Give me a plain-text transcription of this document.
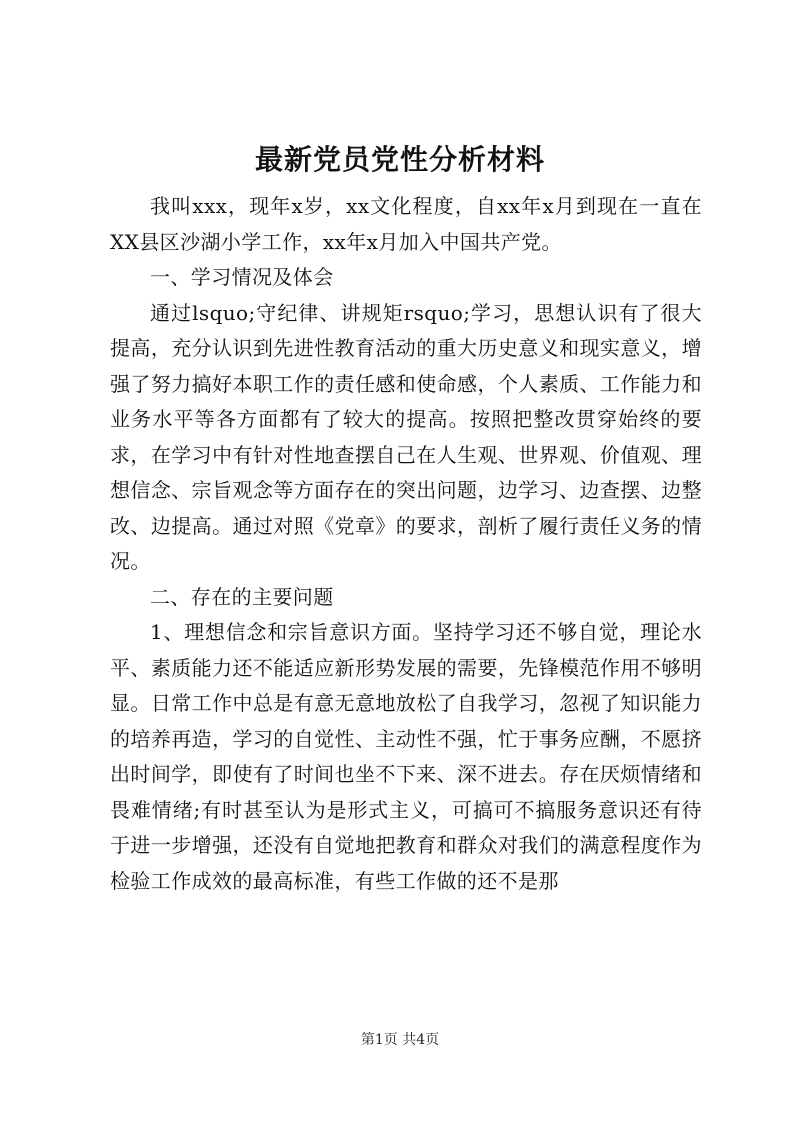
最新党员党性分析材料

我叫xxx，现年x岁，xx文化程度，自xx年x月到现在一直在XX县区沙湖小学工作，xx年x月加入中国共产党。

一、学习情况及体会

通过lsquo;守纪律、讲规矩rsquo;学习，思想认识有了很大提高，充分认识到先进性教育活动的重大历史意义和现实意义，增强了努力搞好本职工作的责任感和使命感，个人素质、工作能力和业务水平等各方面都有了较大的提高。按照把整改贯穿始终的要求，在学习中有针对性地查摆自己在人生观、世界观、价值观、理想信念、宗旨观念等方面存在的突出问题，边学习、边查摆、边整改、边提高。通过对照《党章》的要求，剖析了履行责任义务的情况。

二、存在的主要问题

1、理想信念和宗旨意识方面。坚持学习还不够自觉，理论水平、素质能力还不能适应新形势发展的需要，先锋模范作用不够明显。日常工作中总是有意无意地放松了自我学习，忽视了知识能力的培养再造，学习的自觉性、主动性不强，忙于事务应酬，不愿挤出时间学，即使有了时间也坐不下来、深不进去。存在厌烦情绪和畏难情绪;有时甚至认为是形式主义，可搞可不搞服务意识还有待于进一步增强，还没有自觉地把教育和群众对我们的满意程度作为检验工作成效的最高标准，有些工作做的还不是那

第1页 共4页
